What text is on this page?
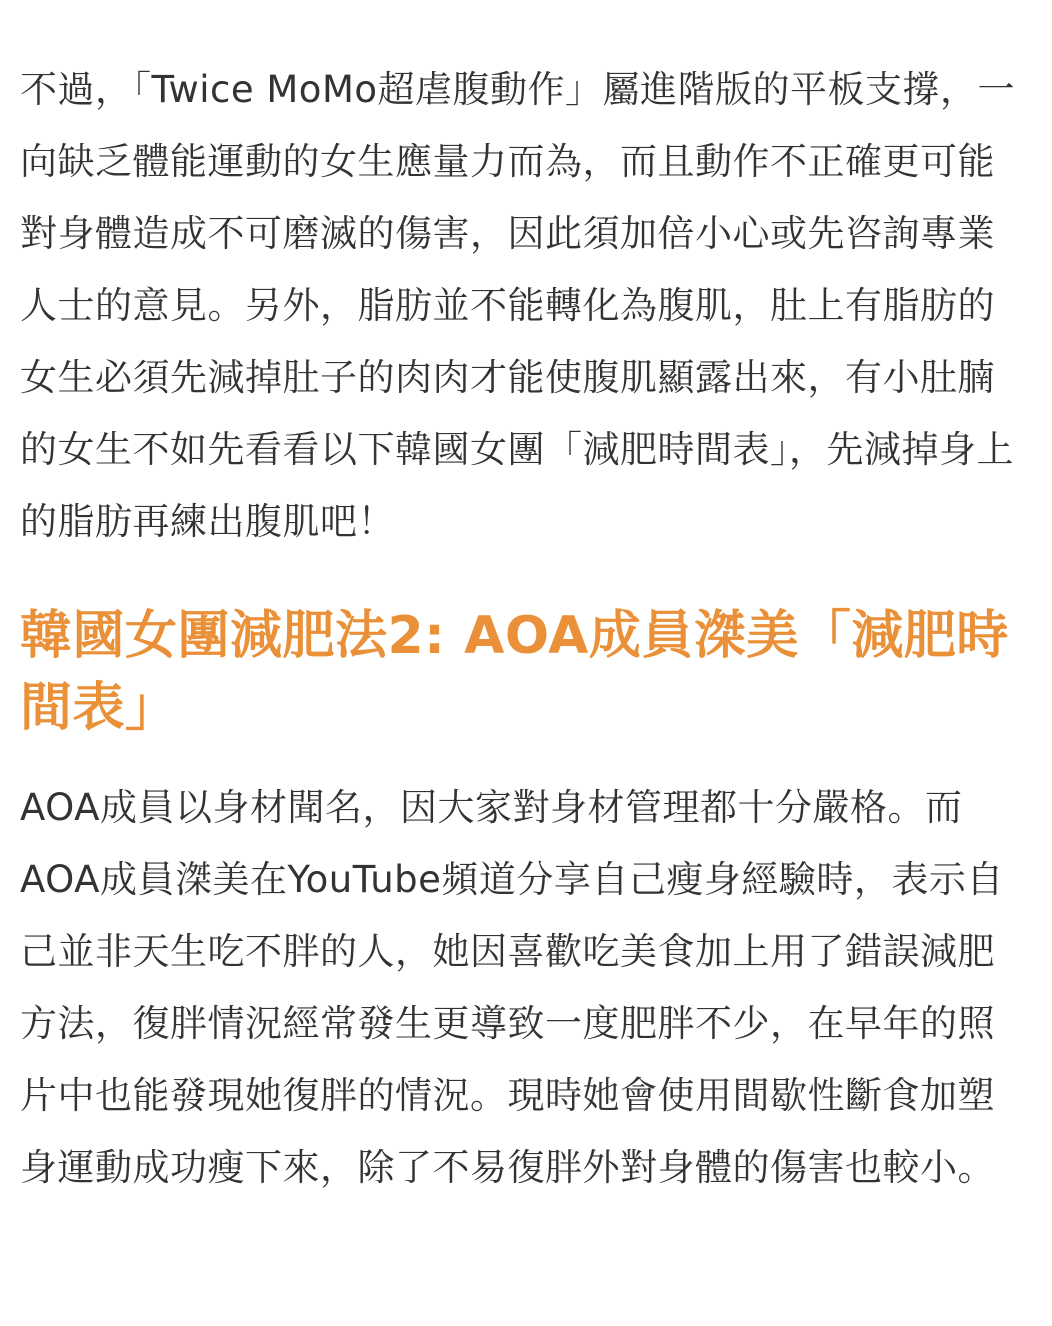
不過，「Twice MoMo超虐腹動作」屬進階版的平板支撐，一向缺乏體能運動的女生應量力而為，而且動作不正確更可能對身體造成不可磨滅的傷害，因此須加倍小心或先咨詢專業人士的意見。另外，脂肪並不能轉化為腹肌，肚上有脂肪的女生必須先減掉肚子的肉肉才能使腹肌顯露出來，有小肚腩的女生不如先看看以下韓國女團「減肥時間表」，先減掉身上的脂肪再練出腹肌吧！

韓國女團減肥法2: AOA成員滐美「減肥時間表」

AOA成員以身材聞名，因大家對身材管理都十分嚴格。而AOA成員滐美在YouTube頻道分享自己瘦身經驗時，表示自己並非天生吃不胖的人，她因喜歡吃美食加上用了錯誤減肥方法，復胖情況經常發生更導致一度肥胖不少，在早年的照片中也能發現她復胖的情況。現時她會使用間歇性斷食加塑身運動成功瘦下來，除了不易復胖外對身體的傷害也較小。
